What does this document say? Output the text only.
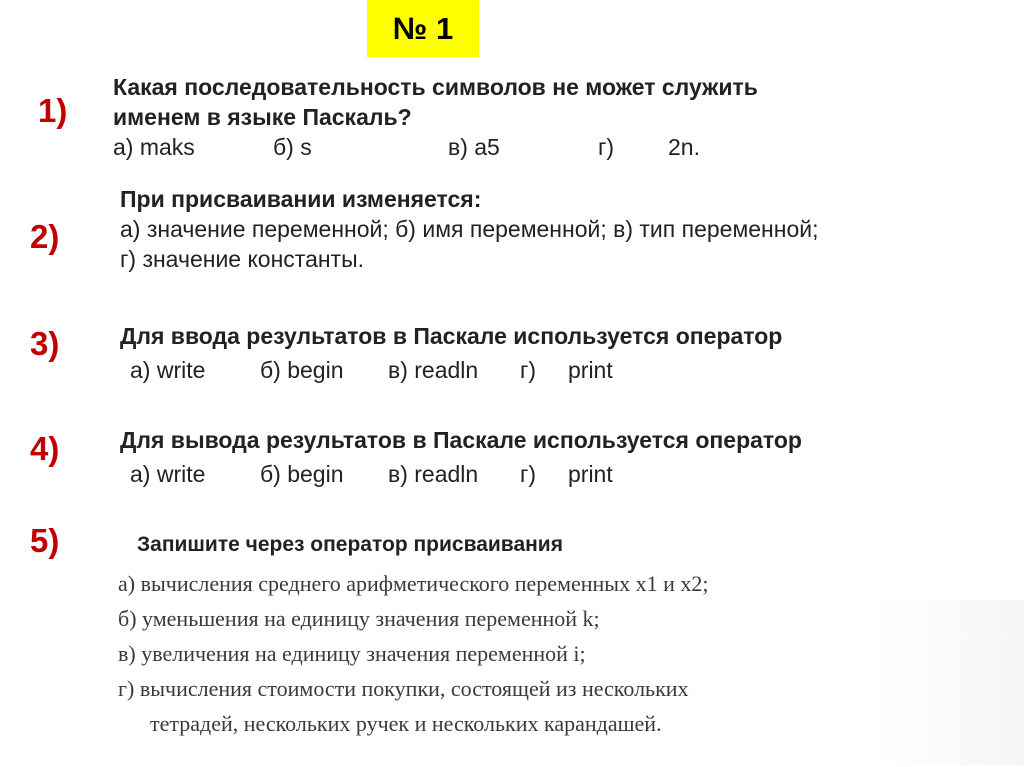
№ 1
1)
Какая последовательность символов не может служить
именем в языке Паскаль?
а) maks	б) s	в) а5	г) 2n.
2)
При присваивании изменяется:
а) значение переменной; б) имя переменной; в) тип переменной;
г) значение константы.
3)	Для ввода результатов в Паскале используется оператор
а) write б) begin в) readln г) print
4)	Для вывода результатов в Паскале используется оператор
а) write б) begin в) readln г) print
5)	Запишите через оператор присваивания
а) вычисления среднего арифметического переменных x1 и x2;
б) уменьшения на единицу значения переменной k;
в) увеличения на единицу значения переменной i;
г) вычисления стоимости покупки, состоящей из нескольких
тетрадей, нескольких ручек и нескольких карандашей.
